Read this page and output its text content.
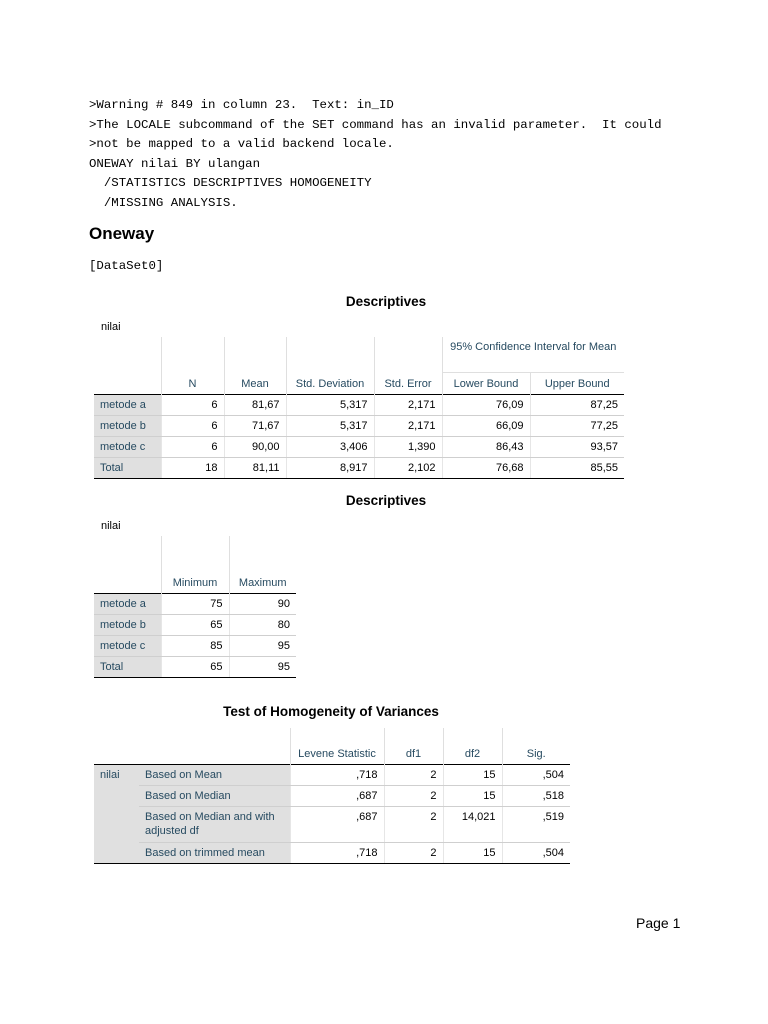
>Warning # 849 in column 23.  Text: in_ID
>The LOCALE subcommand of the SET command has an invalid parameter.  It could
>not be mapped to a valid backend locale.
ONEWAY nilai BY ulangan
/STATISTICS DESCRIPTIVES HOMOGENEITY
/MISSING ANALYSIS.
Oneway
[DataSet0]
Descriptives
nilai
	N	Mean	Std. Deviation	Std. Error	95% Confidence Interval for Mean	
					Lower Bound	Upper Bound
metode a	6	81,67	5,317	2,171	76,09	87,25
metode b	6	71,67	5,317	2,171	66,09	77,25
metode c	6	90,00	3,406	1,390	86,43	93,57
Total	18	81,11	8,917	2,102	76,68	85,55
Descriptives
nilai
	Minimum	Maximum
metode a	75	90
metode b	65	80
metode c	85	95
Total	65	95
Test of Homogeneity of Variances
		Levene Statistic	df1	df2	Sig.
nilai	Based on Mean	,718	2	15	,504
	Based on Median	,687	2	15	,518
	Based on Median and with adjusted df	,687	2	14,021	,519
	Based on trimmed mean	,718	2	15	,504
Page 1
